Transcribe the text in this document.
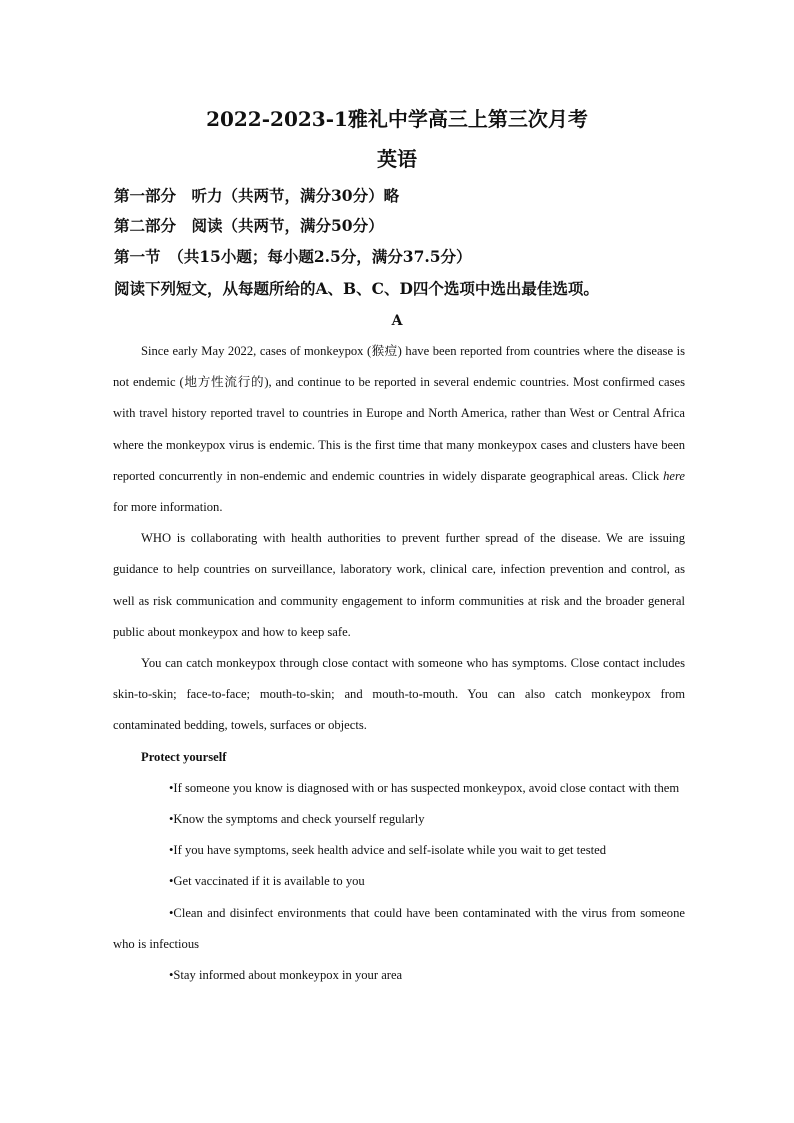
2022-2023-1雅礼中学高三上第三次月考
英语
第一部分　听力（共两节，满分30分）略
第二部分　阅读（共两节，满分50分）
第一节　（共15小题；每小题2.5分，满分37.5分）
阅读下列短文，从每题所给的A、B、C、D四个选项中选出最佳选项。
A

Since early May 2022, cases of monkeypox (猴痘) have been reported from countries where the disease is not endemic (地方性流行的), and continue to be reported in several endemic countries. Most confirmed cases with travel history reported travel to countries in Europe and North America, rather than West or Central Africa where the monkeypox virus is endemic. This is the first time that many monkeypox cases and clusters have been reported concurrently in non-endemic and endemic countries in widely disparate geographical areas. Click here for more information.

WHO is collaborating with health authorities to prevent further spread of the disease. We are issuing guidance to help countries on surveillance, laboratory work, clinical care, infection prevention and control, as well as risk communication and community engagement to inform communities at risk and the broader general public about monkeypox and how to keep safe.

You can catch monkeypox through close contact with someone who has symptoms. Close contact includes skin-to-skin; face-to-face; mouth-to-skin; and mouth-to-mouth. You can also catch monkeypox from contaminated bedding, towels, surfaces or objects.

Protect yourself

•If someone you know is diagnosed with or has suspected monkeypox, avoid close contact with them

•Know the symptoms and check yourself regularly

•If you have symptoms, seek health advice and self-isolate while you wait to get tested

•Get vaccinated if it is available to you

•Clean and disinfect environments that could have been contaminated with the virus from someone who is infectious

•Stay informed about monkeypox in your area
